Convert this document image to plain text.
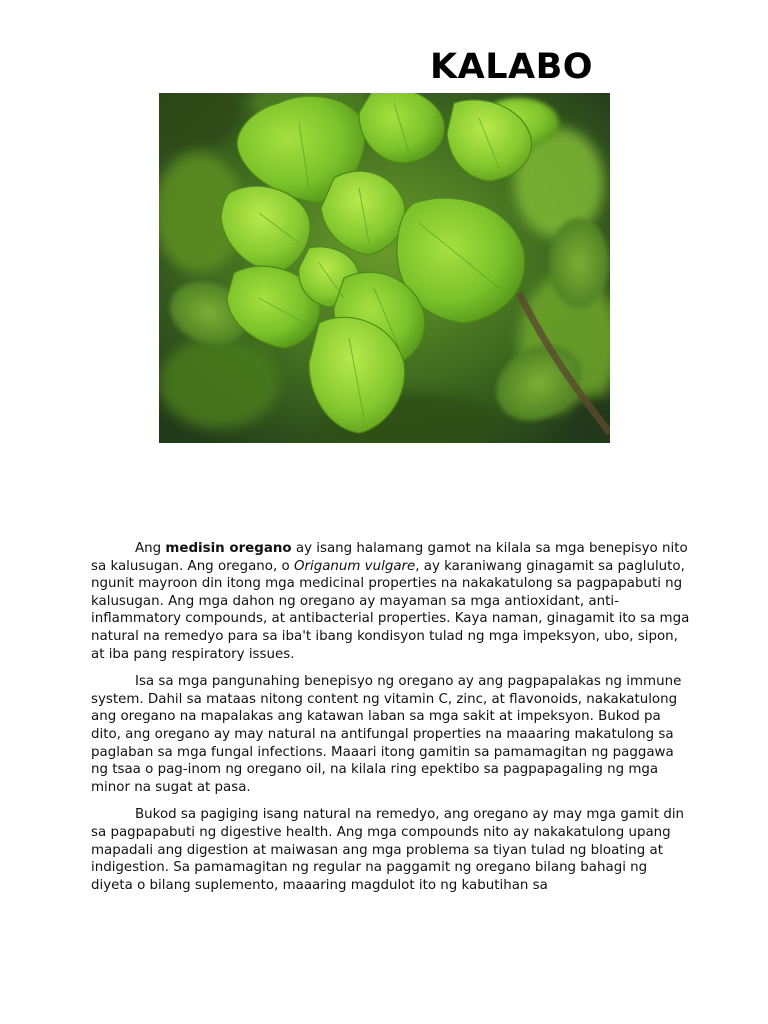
KALABO

Ang medisin oregano ay isang halamang gamot na kilala sa mga benepisyo nito sa kalusugan. Ang oregano, o Origanum vulgare, ay karaniwang ginagamit sa pagluluto, ngunit mayroon din itong mga medicinal properties na nakakatulong sa pagpapabuti ng kalusugan. Ang mga dahon ng oregano ay mayaman sa mga antioxidant, anti-inflammatory compounds, at antibacterial properties. Kaya naman, ginagamit ito sa mga natural na remedyo para sa iba't ibang kondisyon tulad ng mga impeksyon, ubo, sipon, at iba pang respiratory issues.

Isa sa mga pangunahing benepisyo ng oregano ay ang pagpapalakas ng immune system. Dahil sa mataas nitong content ng vitamin C, zinc, at flavonoids, nakakatulong ang oregano na mapalakas ang katawan laban sa mga sakit at impeksyon. Bukod pa dito, ang oregano ay may natural na antifungal properties na maaaring makatulong sa paglaban sa mga fungal infections. Maaari itong gamitin sa pamamagitan ng paggawa ng tsaa o pag-inom ng oregano oil, na kilala ring epektibo sa pagpapagaling ng mga minor na sugat at pasa.

Bukod sa pagiging isang natural na remedyo, ang oregano ay may mga gamit din sa pagpapabuti ng digestive health. Ang mga compounds nito ay nakakatulong upang mapadali ang digestion at maiwasan ang mga problema sa tiyan tulad ng bloating at indigestion. Sa pamamagitan ng regular na paggamit ng oregano bilang bahagi ng diyeta o bilang suplemento, maaaring magdulot ito ng kabutihan sa
